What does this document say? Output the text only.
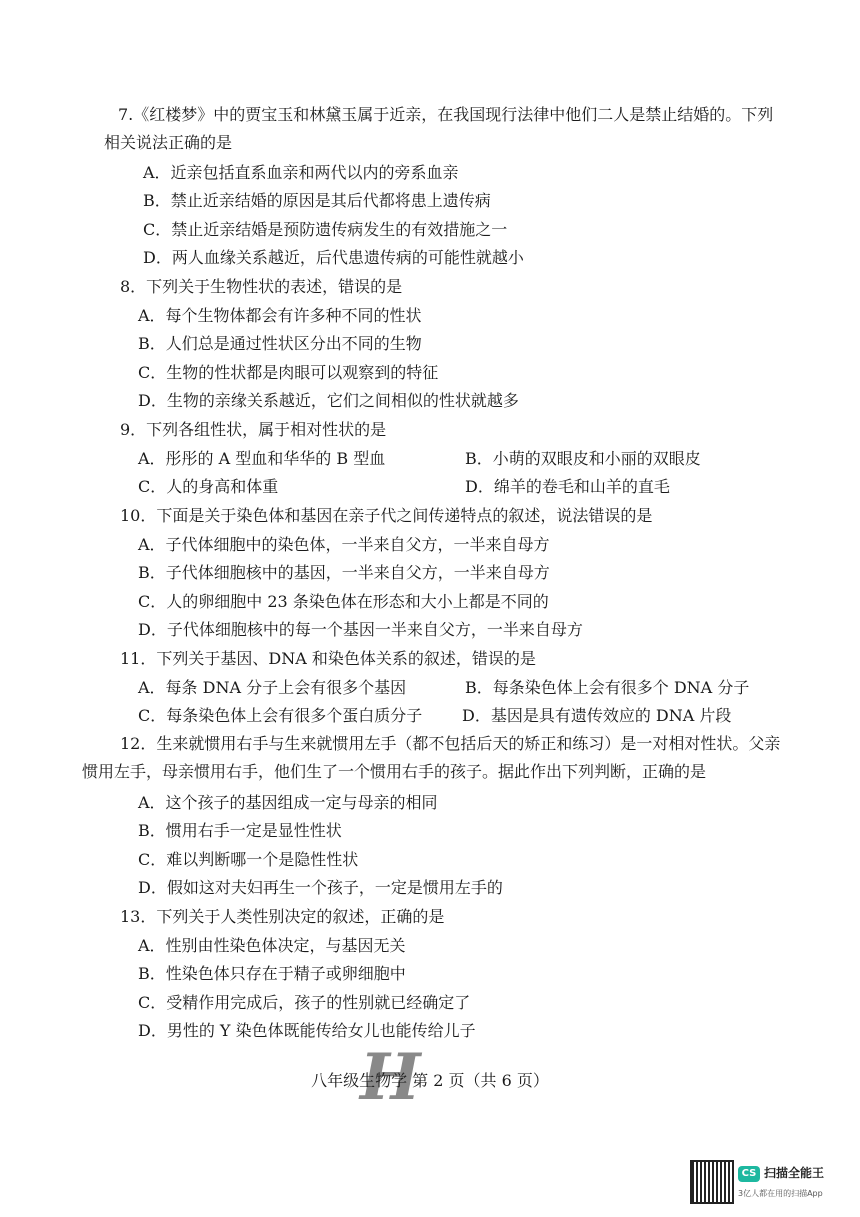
7.《红楼梦》中的贾宝玉和林黛玉属于近亲，在我国现行法律中他们二人是禁止结婚的。下列相关说法正确的是
A．近亲包括直系血亲和两代以内的旁系血亲
B．禁止近亲结婚的原因是其后代都将患上遗传病
C．禁止近亲结婚是预防遗传病发生的有效措施之一
D．两人血缘关系越近，后代患遗传病的可能性就越小
8．下列关于生物性状的表述，错误的是
A．每个生物体都会有许多种不同的性状
B．人们总是通过性状区分出不同的生物
C．生物的性状都是肉眼可以观察到的特征
D．生物的亲缘关系越近，它们之间相似的性状就越多
9．下列各组性状，属于相对性状的是
A．彤彤的 A 型血和华华的 B 型血	B．小萌的双眼皮和小丽的双眼皮
C．人的身高和体重	D．绵羊的卷毛和山羊的直毛
10．下面是关于染色体和基因在亲子代之间传递特点的叙述，说法错误的是
A．子代体细胞中的染色体，一半来自父方，一半来自母方
B．子代体细胞核中的基因，一半来自父方，一半来自母方
C．人的卵细胞中 23 条染色体在形态和大小上都是不同的
D．子代体细胞核中的每一个基因一半来自父方，一半来自母方
11．下列关于基因、DNA 和染色体关系的叙述，错误的是
A．每条 DNA 分子上会有很多个基因	B．每条染色体上会有很多个 DNA 分子
C．每条染色体上会有很多个蛋白质分子 D．基因是具有遗传效应的 DNA 片段
12．生来就惯用右手与生来就惯用左手（都不包括后天的矫正和练习）是一对相对性状。父亲惯用左手，母亲惯用右手，他们生了一个惯用右手的孩子。据此作出下列判断，正确的是
A．这个孩子的基因组成一定与母亲的相同
B．惯用右手一定是显性性状
C．难以判断哪一个是隐性性状
D．假如这对夫妇再生一个孩子，一定是惯用左手的
13．下列关于人类性别决定的叙述，正确的是
A．性别由性染色体决定，与基因无关
B．性染色体只存在于精子或卵细胞中
C．受精作用完成后，孩子的性别就已经确定了
D．男性的 Y 染色体既能传给女儿也能传给儿子
H
八年级生物学 第 2 页（共 6 页）
CS 扫描全能王
3亿人都在用的扫描App
